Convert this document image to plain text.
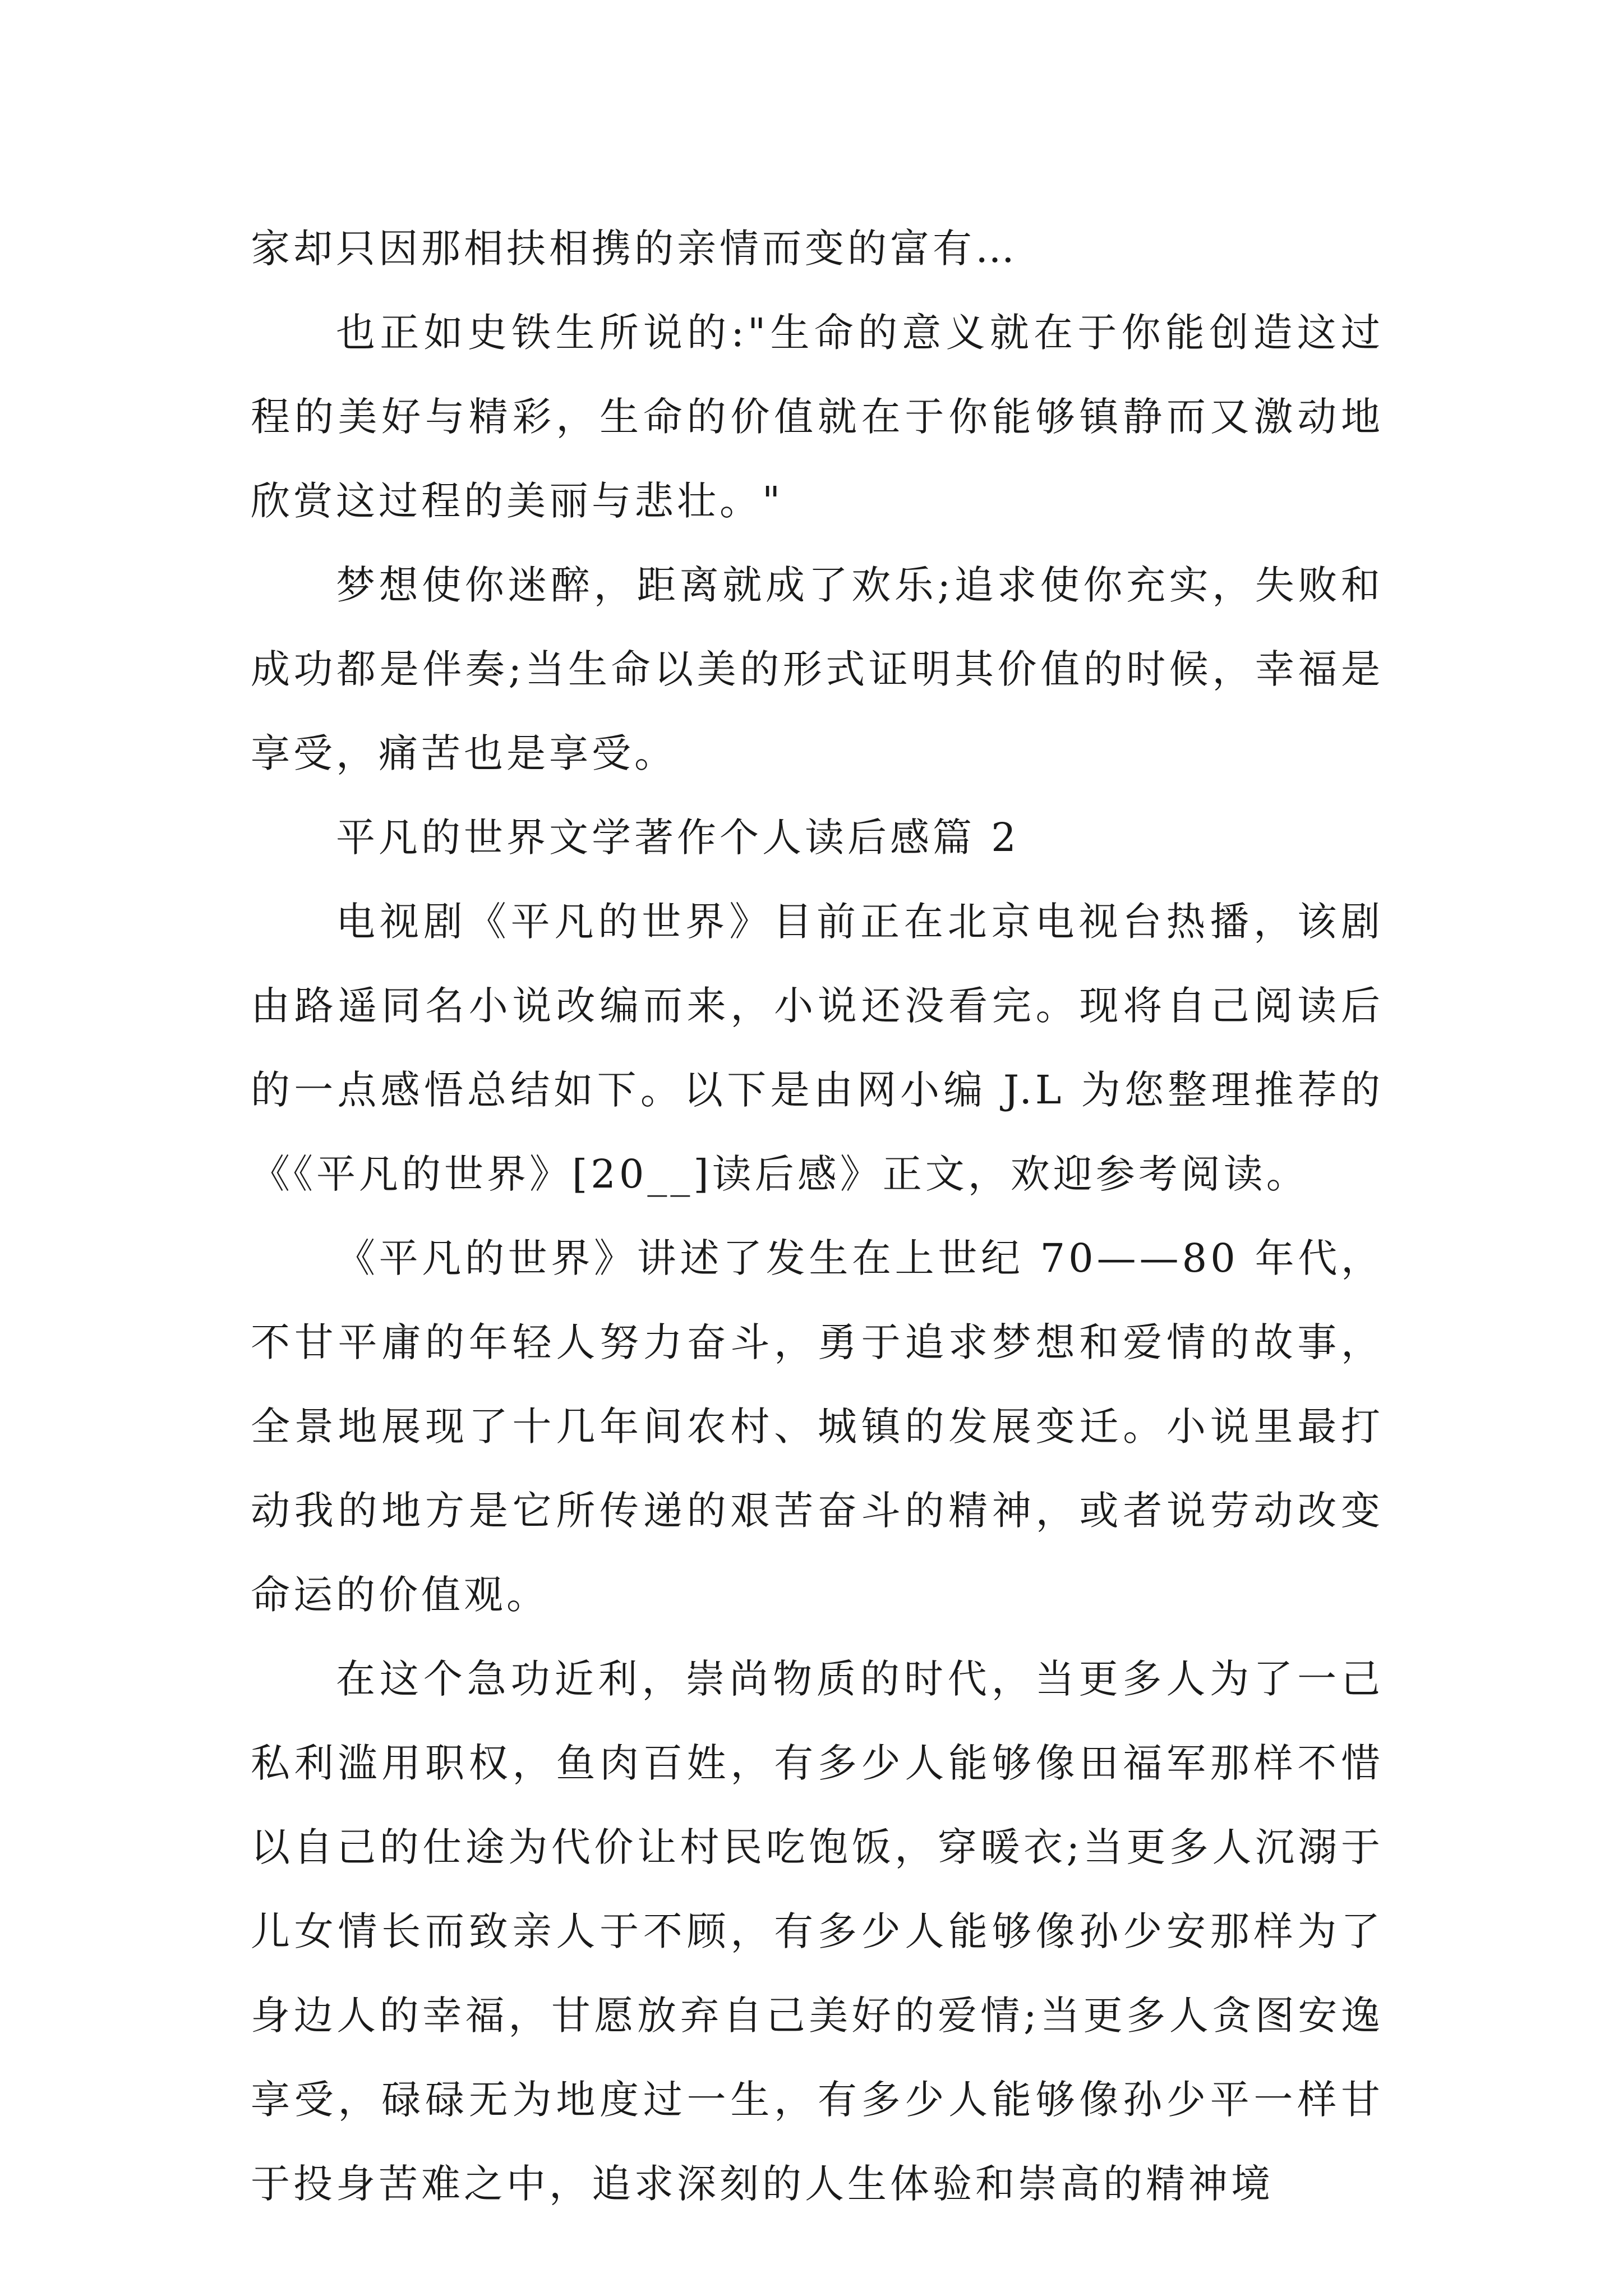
家却只因那相扶相携的亲情而变的富有…

也正如史铁生所说的:"生命的意义就在于你能创造这过程的美好与精彩，生命的价值就在于你能够镇静而又激动地欣赏这过程的美丽与悲壮。"

梦想使你迷醉，距离就成了欢乐;追求使你充实，失败和成功都是伴奏;当生命以美的形式证明其价值的时候，幸福是享受，痛苦也是享受。

平凡的世界文学著作个人读后感篇 2

电视剧《平凡的世界》目前正在北京电视台热播，该剧由路遥同名小说改编而来，小说还没看完。现将自己阅读后的一点感悟总结如下。以下是由网小编 J.L 为您整理推荐的《《平凡的世界》[20__]读后感》正文，欢迎参考阅读。

《平凡的世界》讲述了发生在上世纪 70——80 年代，不甘平庸的年轻人努力奋斗，勇于追求梦想和爱情的故事，全景地展现了十几年间农村、城镇的发展变迁。小说里最打动我的地方是它所传递的艰苦奋斗的精神，或者说劳动改变命运的价值观。

在这个急功近利，崇尚物质的时代，当更多人为了一己私利滥用职权，鱼肉百姓，有多少人能够像田福军那样不惜以自己的仕途为代价让村民吃饱饭，穿暖衣;当更多人沉溺于儿女情长而致亲人于不顾，有多少人能够像孙少安那样为了身边人的幸福，甘愿放弃自己美好的爱情;当更多人贪图安逸享受，碌碌无为地度过一生，有多少人能够像孙少平一样甘于投身苦难之中，追求深刻的人生体验和崇高的精神境
